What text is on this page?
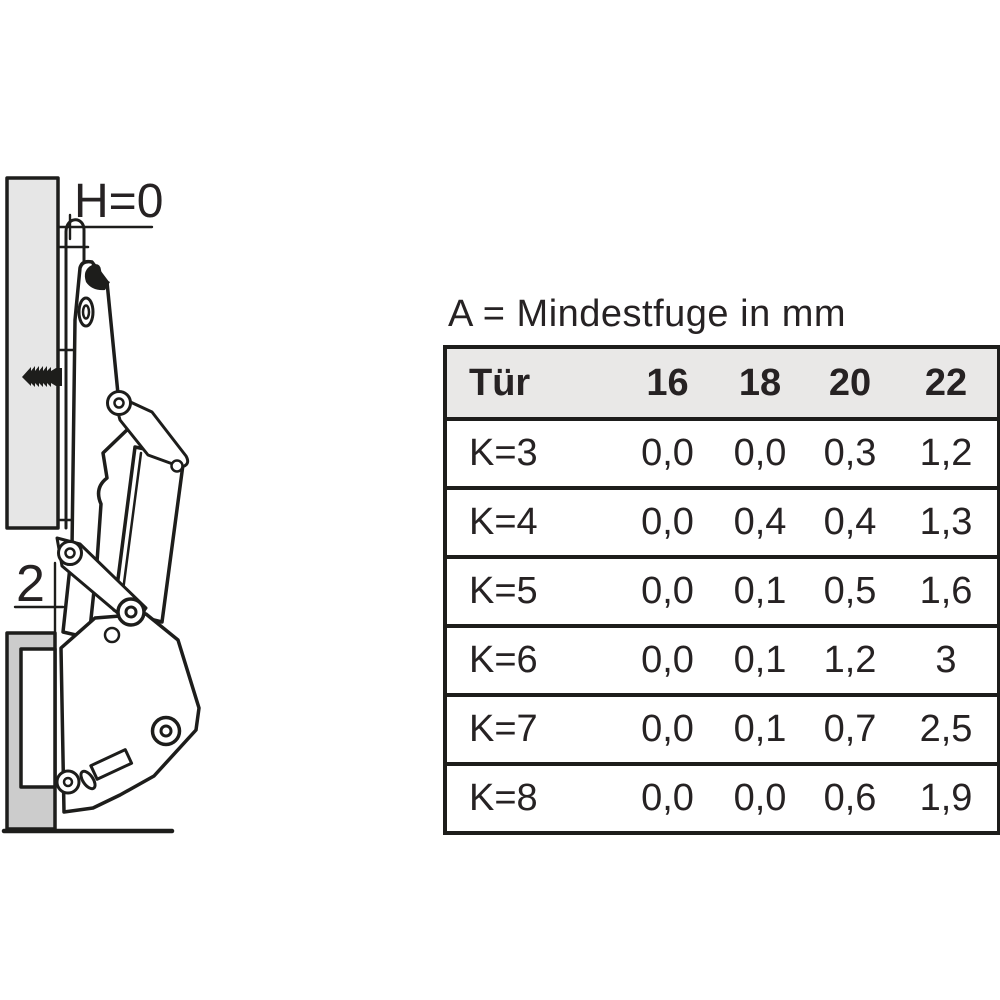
H=0
2
A = Mindestfuge in mm
Tür	16	18	20	22
K=3	0,0	0,0	0,3	1,2
K=4	0,0	0,4	0,4	1,3
K=5	0,0	0,1	0,5	1,6
K=6	0,0	0,1	1,2	3
K=7	0,0	0,1	0,7	2,5
K=8	0,0	0,0	0,6	1,9
